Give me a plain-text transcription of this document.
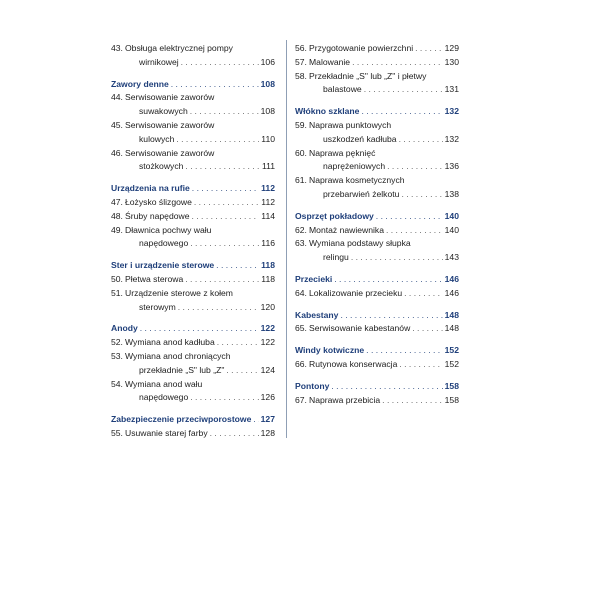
43. Obsługa elektrycznej pompy
wirnikowej . . .	106
Zawory denne . . .	108
44. Serwisowanie zaworów
suwakowych . . .	108
45. Serwisowanie zaworów
kulowych . . .	110
46. Serwisowanie zaworów
stożkowych . . .	111
Urządzenia na rufie . . .	112
47. Łożysko ślizgowe . . .	112
48. Śruby napędowe . . .	114
49. Dławnica pochwy wału
napędowego . . .	116
Ster i urządzenie sterowe . . .	118
50. Płetwa sterowa . . .	118
51. Urządzenie sterowe z kołem
sterowym . . .	120
Anody . . .	122
52. Wymiana anod kadłuba . . .	122
53. Wymiana anod chroniących
przekładnie „S" lub „Z" . . .	124
54. Wymiana anod wału
napędowego . . .	126
Zabezpieczenie przeciwporostowe . . . 127
55. Usuwanie starej farby . . .	128
56. Przygotowanie powierzchni . . .	129
57. Malowanie . . .	130
58. Przekładnie „S" lub „Z" i płetwy
balastowe . . .	131
Włókno szklane . . .	132
59. Naprawa punktowych
uszkodzeń kadłuba . . .	132
60. Naprawa pęknięć
naprężeniowych . . .	136
61. Naprawa kosmetycznych
przebarwień żelkotu . . .	138
Osprzęt pokładowy . . .	140
62. Montaż nawiewnika . . .	140
63. Wymiana podstawy słupka
relingu . . .	143
Przecieki . . .	146
64. Lokalizowanie przecieku . . .	146
Kabestany . . .	148
65. Serwisowanie kabestanów . . .	148
Windy kotwiczne . . .	152
66. Rutynowa konserwacja . . .	152
Pontony . . .	158
67. Naprawa przebicia . . .	158
